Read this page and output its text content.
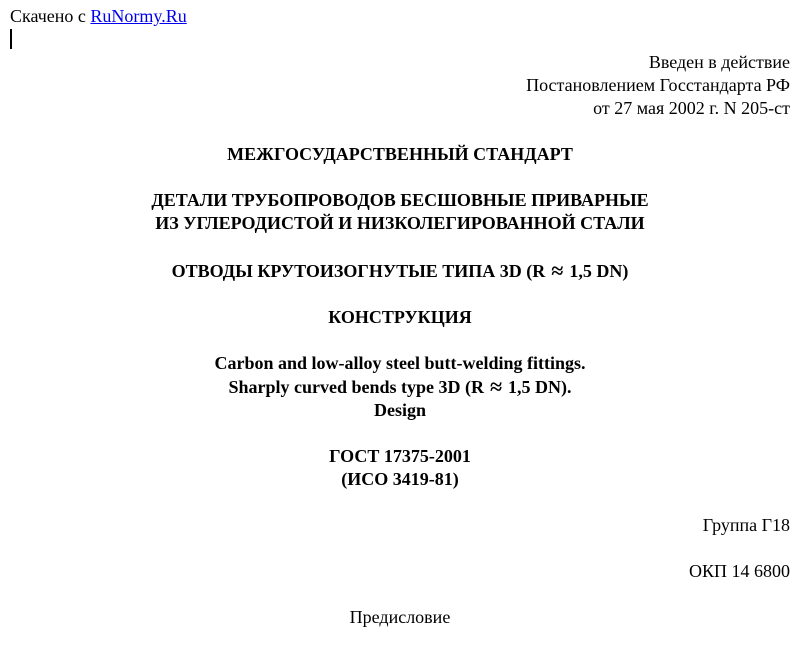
Скачено с RuNormy.Ru
Введен в действие
Постановлением Госстандарта РФ
от 27 мая 2002 г. N 205-ст
МЕЖГОСУДАРСТВЕННЫЙ СТАНДАРТ
ДЕТАЛИ ТРУБОПРОВОДОВ БЕСШОВНЫЕ ПРИВАРНЫЕ
ИЗ УГЛЕРОДИСТОЙ И НИЗКОЛЕГИРОВАННОЙ СТАЛИ
ОТВОДЫ КРУТОИЗОГНУТЫЕ ТИПА 3D (R ≈ 1,5 DN)
КОНСТРУКЦИЯ
Carbon and low-alloy steel butt-welding fittings.
Sharply curved bends type 3D (R ≈ 1,5 DN).
Design
ГОСТ 17375-2001
(ИСО 3419-81)
Группа Г18
ОКП 14 6800
Предисловие
